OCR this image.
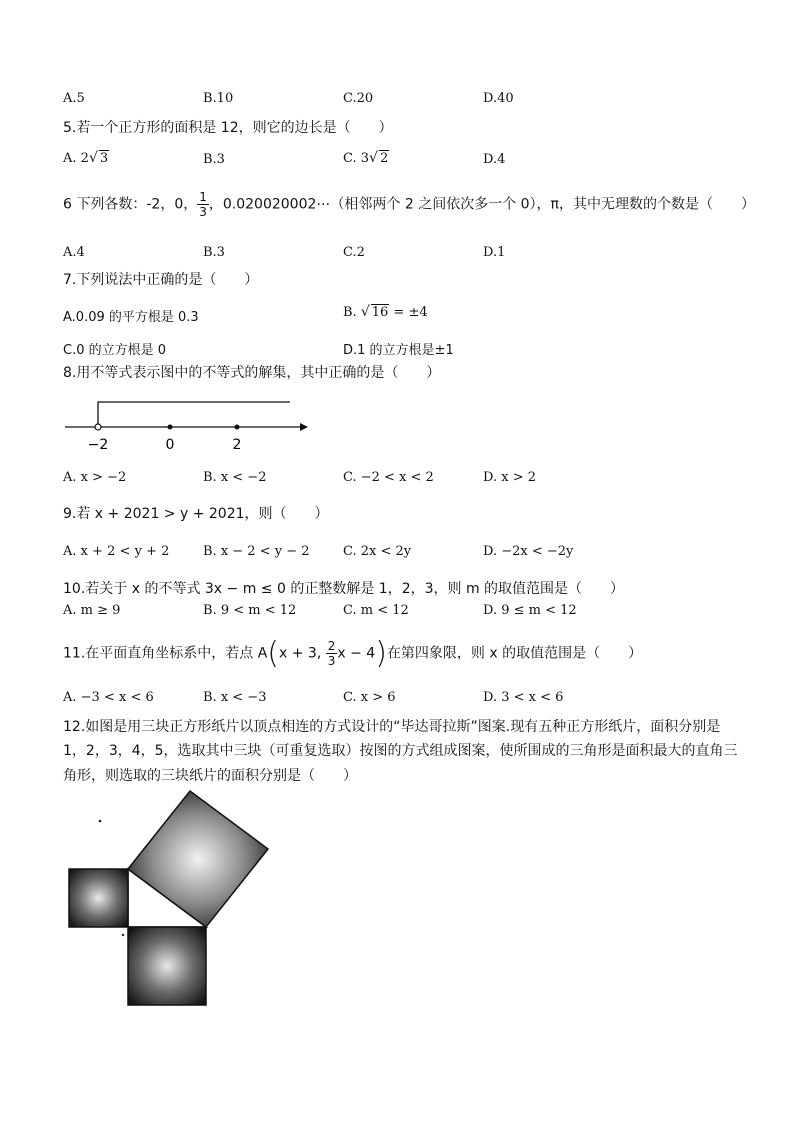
A.5	B.10	C.20	D.40
5.若一个正方形的面积是 12，则它的边长是（　　）
A. 2√ 3	B.3	C. 3√ 2	D.4
6 下列各数：-2，0， $\frac{1}{3}$ ，0.020020002⋯（相邻两个 2 之间依次多一个 0），π，其中无理数的个数是（　　）
A.4	B.3	C.2	D.1
7.下列说法中正确的是（　　）
A.0.09 的平方根是 0.3	B. √ 16 = ±4
C.0 的立方根是 0	D.1 的立方根是±1
8.用不等式表示图中的不等式的解集，其中正确的是（　　）
−2	0	2
A. x > −2	B. x < −2	C. −2 < x < 2	D. x > 2
9.若 x + 2021 > y + 2021，则（　　）
A. x + 2 < y + 2	B. x − 2 < y − 2	C. 2x < 2y	D. −2x < −2y
10.若关于 x 的不等式 3x − m ≤ 0 的正整数解是 1，2，3，则 m 的取值范围是（　　）
A. m ≥ 9	B. 9 < m < 12	C. m < 12	D. 9 ≤ m < 12
11.在平面直角坐标系中，若点 A(x + 3, $\frac{2}{3}$ x − 4)在第四象限，则 x 的取值范围是（　　）
A. −3 < x < 6	B. x < −3	C. x > 6	D. 3 < x < 6
12.如图是用三块正方形纸片以顶点相连的方式设计的“毕达哥拉斯”图案.现有五种正方形纸片，面积分别是
1，2，3，4，5，选取其中三块（可重复选取）按图的方式组成图案，使所围成的三角形是面积最大的直角三
角形，则选取的三块纸片的面积分别是（　　）
